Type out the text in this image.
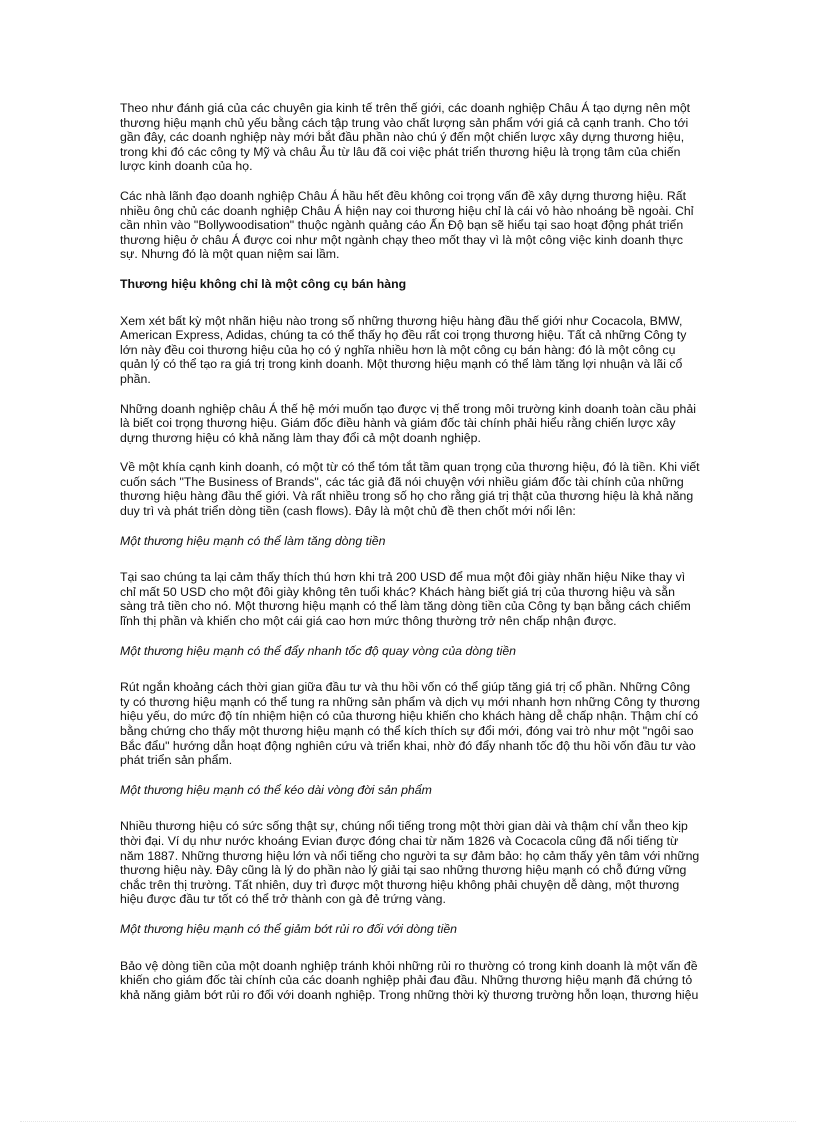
Theo như đánh giá của các chuyên gia kinh tế trên thế giới, các doanh nghiệp Châu Á tạo dựng nên một thương hiệu mạnh chủ yếu bằng cách tập trung vào chất lượng sản phẩm với giá cả cạnh tranh. Cho tới gần đây, các doanh nghiệp này mới bắt đầu phần nào chú ý đến một chiến lược xây dựng thương hiệu, trong khi đó các công ty Mỹ và châu Âu từ lâu đã coi việc phát triển thương hiệu là trọng tâm của chiến lược kinh doanh của họ.

Các nhà lãnh đạo doanh nghiệp Châu Á hầu hết đều không coi trọng vấn đề xây dựng thương hiệu. Rất nhiều ông chủ các doanh nghiệp Châu Á hiện nay coi thương hiệu chỉ là cái vỏ hào nhoáng bề ngoài. Chỉ cần nhìn vào "Bollywoodisation" thuộc ngành quảng cáo Ấn Độ bạn sẽ hiểu tại sao hoạt động phát triển thương hiệu ở châu Á được coi như một ngành chạy theo mốt thay vì là một công việc kinh doanh thực sự. Nhưng đó là một quan niệm sai lầm.

Thương hiệu không chỉ là một công cụ bán hàng

Xem xét bất kỳ một nhãn hiệu nào trong số những thương hiệu hàng đầu thế giới như Cocacola, BMW, American Express, Adidas, chúng ta có thể thấy họ đều rất coi trọng thương hiệu. Tất cả những Công ty lớn này đều coi thương hiệu của họ có ý nghĩa nhiều hơn là một công cụ bán hàng: đó là một công cụ quản lý có thể tạo ra giá trị trong kinh doanh. Một thương hiệu mạnh có thể làm tăng lợi nhuận và lãi cổ phần.

Những doanh nghiệp châu Á thế hệ mới muốn tạo được vị thế trong môi trường kinh doanh toàn cầu phải là biết coi trọng thương hiệu. Giám đốc điều hành và giám đốc tài chính phải hiểu rằng chiến lược xây dựng thương hiệu có khả năng làm thay đổi cả một doanh nghiệp.

Về một khía cạnh kinh doanh, có một từ có thể tóm tắt tầm quan trọng của thương hiệu, đó là tiền. Khi viết cuốn sách "The Business of Brands", các tác giả đã nói chuyện với nhiều giám đốc tài chính của những thương hiệu hàng đầu thế giới. Và rất nhiều trong số họ cho rằng giá trị thật của thương hiệu là khả năng duy trì và phát triển dòng tiền (cash flows). Đây là một chủ đề then chốt mới nổi lên:

Một thương hiệu mạnh có thể làm tăng dòng tiền

Tại sao chúng ta lại cảm thấy thích thú hơn khi trả 200 USD để mua một đôi giày nhãn hiệu Nike thay vì chỉ mất 50 USD cho một đôi giày không tên tuổi khác? Khách hàng biết giá trị của thương hiệu và sẵn sàng trả tiền cho nó. Một thương hiệu mạnh có thể làm tăng dòng tiền của Công ty bạn bằng cách chiếm lĩnh thị phần và khiến cho một cái giá cao hơn mức thông thường trở nên chấp nhận được.

Một thương hiệu mạnh có thể đẩy nhanh tốc độ quay vòng của dòng tiền

Rút ngắn khoảng cách thời gian giữa đầu tư và thu hồi vốn có thể giúp tăng giá trị cổ phần. Những Công ty có thương hiệu mạnh có thể tung ra những sản phẩm và dịch vụ mới nhanh hơn những Công ty thương hiệu yếu, do mức độ tín nhiệm hiện có của thương hiệu khiến cho khách hàng dễ chấp nhận. Thậm chí có bằng chứng cho thấy một thương hiệu mạnh có thể kích thích sự đổi mới, đóng vai trò như một "ngôi sao Bắc đẩu" hướng dẫn hoạt động nghiên cứu và triển khai, nhờ đó đẩy nhanh tốc độ thu hồi vốn đầu tư vào phát triển sản phẩm.

Một thương hiệu mạnh có thể kéo dài vòng đời sản phẩm

Nhiều thương hiệu có sức sống thật sự, chúng nổi tiếng trong một thời gian dài và thậm chí vẫn theo kịp thời đại. Ví dụ như nước khoáng Evian được đóng chai từ năm 1826 và Cocacola cũng đã nổi tiếng từ năm 1887. Những thương hiệu lớn và nổi tiếng cho người ta sự đảm bảo: họ cảm thấy yên tâm với những thương hiệu này. Đây cũng là lý do phần nào lý giải tại sao những thương hiệu mạnh có chỗ đứng vững chắc trên thị trường. Tất nhiên, duy trì được một thương hiệu không phải chuyện dễ dàng, một thương hiệu được đầu tư tốt có thể trở thành con gà đẻ trứng vàng.

Một thương hiệu mạnh có thể giảm bớt rủi ro đối với dòng tiền

Bảo vệ dòng tiền của một doanh nghiệp tránh khỏi những rủi ro thường có trong kinh doanh là một vấn đề khiến cho giám đốc tài chính của các doanh nghiệp phải đau đầu. Những thương hiệu mạnh đã chứng tỏ khả năng giảm bớt rủi ro đối với doanh nghiệp. Trong những thời kỳ thương trường hỗn loạn, thương hiệu
